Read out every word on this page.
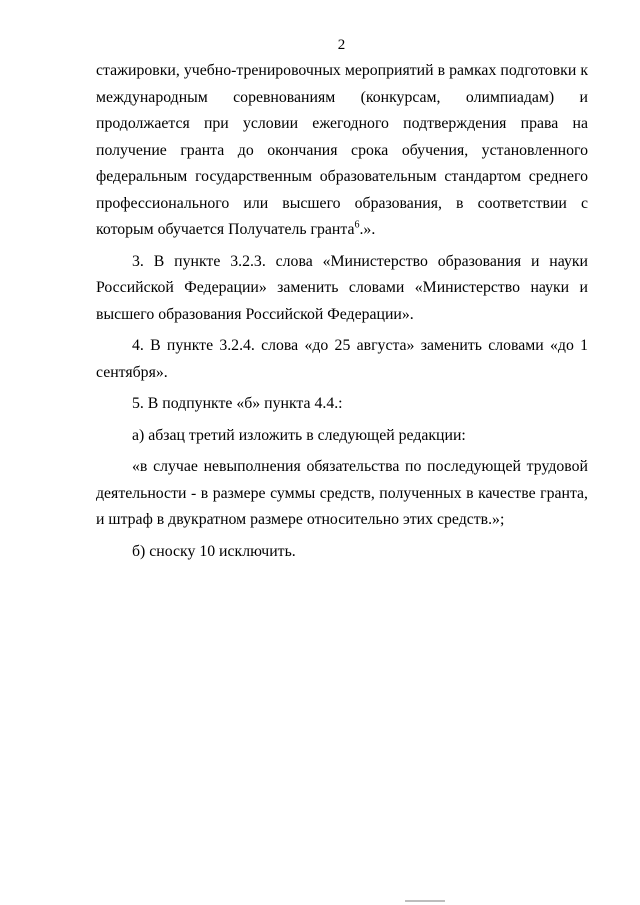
2

стажировки, учебно-тренировочных мероприятий в рамках подготовки к международным соревнованиям (конкурсам, олимпиадам) и продолжается при условии ежегодного подтверждения права на получение гранта до окончания срока обучения, установленного федеральным государственным образовательным стандартом среднего профессионального или высшего образования, в соответствии с которым обучается Получатель гранта$^6$.».

3. В пункте 3.2.3. слова «Министерство образования и науки Российской Федерации» заменить словами «Министерство науки и высшего образования Российской Федерации».

4. В пункте 3.2.4. слова «до 25 августа» заменить словами «до 1 сентября».

5. В подпункте «б» пункта 4.4.:

а) абзац третий изложить в следующей редакции:

«в случае невыполнения обязательства по последующей трудовой деятельности - в размере суммы средств, полученных в качестве гранта, и штраф в двукратном размере относительно этих средств.»;

б) сноску 10 исключить.
